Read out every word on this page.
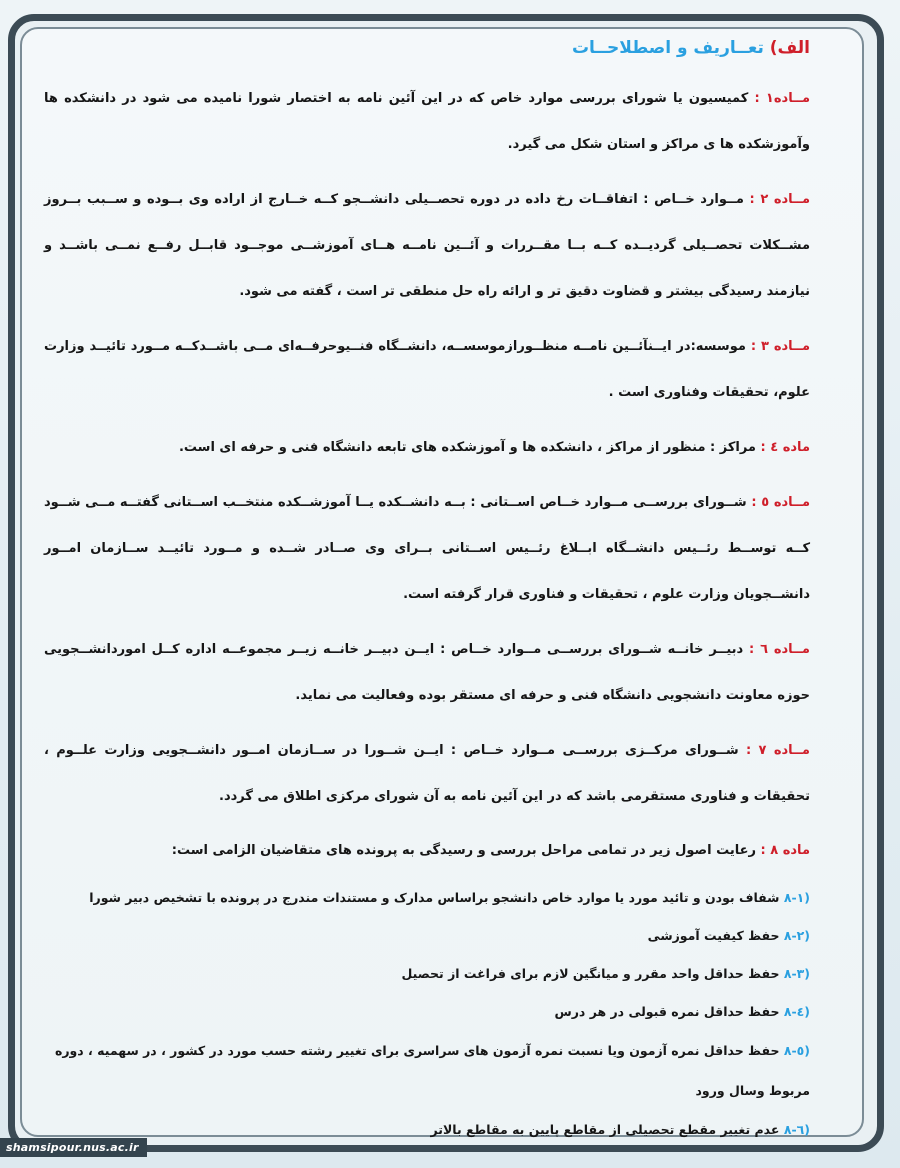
الف) تعــاریف و اصطلاحــات

مــاده۱ : کمیسیون یا شورای بررسی موارد خاص که در این آئین نامه به اختصار شورا نامیده می شود در دانشکده ها وآموزشکده ها ی مراکز و استان شکل می گیرد.

مــاده ۲ : مــوارد خــاص : اتفاقــات رخ داده در دوره تحصــیلی دانشــجو کــه خــارج از اراده وی بــوده و ســبب بــروز مشــکلات تحصــیلی گردیــده کــه بــا مقــررات و آئــین نامــه هــای آموزشــی موجــود قابــل رفــع نمــی باشــد و نیازمند رسیدگی بیشتر و قضاوت دقیق تر و ارائه راه حل منطقی تر است ، گفته می شود.

مــاده ۳ : موسسه:در ایــنآئــین نامــه منظــورازموسســه، دانشــگاه فنــیوحرفــه‌ای مــی باشــدکــه مــورد تائیــد وزارت علوم، تحقیقات وفناوری است .

ماده ٤ : مراکز : منظور از مراکز ، دانشکده ها و آموزشکده های تابعه دانشگاه فنی و حرفه ای است.

مــاده ٥ : شــورای بررســی مــوارد خــاص اســتانی : بــه دانشــکده یــا آموزشــکده منتخــب اســتانی گفتــه مــی شــود کــه توســط رئــیس دانشــگاه ابــلاغ رئــیس اســتانی بــرای وی صــادر شــده و مــورد تائیــد ســازمان امــور دانشــجویان وزارت علوم ، تحقیقات و فناوری قرار گرفته است.

مــاده ٦ : دبیــر خانــه شــورای بررســی مــوارد خــاص : ایــن دبیــر خانــه زیــر مجموعــه اداره کــل اموردانشــجویی حوزه معاونت دانشجویی دانشگاه فنی و حرفه ای مستقر بوده وفعالیت می نماید.

مــاده ۷ : شــورای مرکــزی بررســی مــوارد خــاص : ایــن شــورا در ســازمان امــور دانشــجویی وزارت علــوم ، تحقیقات و فناوری مستقرمی باشد که در این آئین نامه به آن شورای مرکزی اطلاق می گردد.

ماده ۸ : رعایت اصول زیر در تمامی مراحل بررسی و رسیدگی به پرونده های متقاضیان الزامی است:

۸-۱) شفاف بودن و تائید مورد یا موارد خاص دانشجو براساس مدارک و مستندات مندرج در پرونده با تشخیص دبیر شورا

۸-۲) حفظ کیفیت آموزشی

۸-۳) حفظ حداقل واحد مقرر و میانگین لازم برای فراغت از تحصیل

۸-٤) حفظ حداقل نمره قبولی در هر درس

۸-٥) حفظ حداقل نمره آزمون ویا نسبت نمره آزمون های سراسری برای تغییر رشته حسب مورد در کشور ، در سهمیه ، دوره مربوط وسال ورود

۸-٦) عدم تغییر مقطع تحصیلی از مقاطع پایین به مقاطع بالاتر

shamsipour.nus.ac.ir
